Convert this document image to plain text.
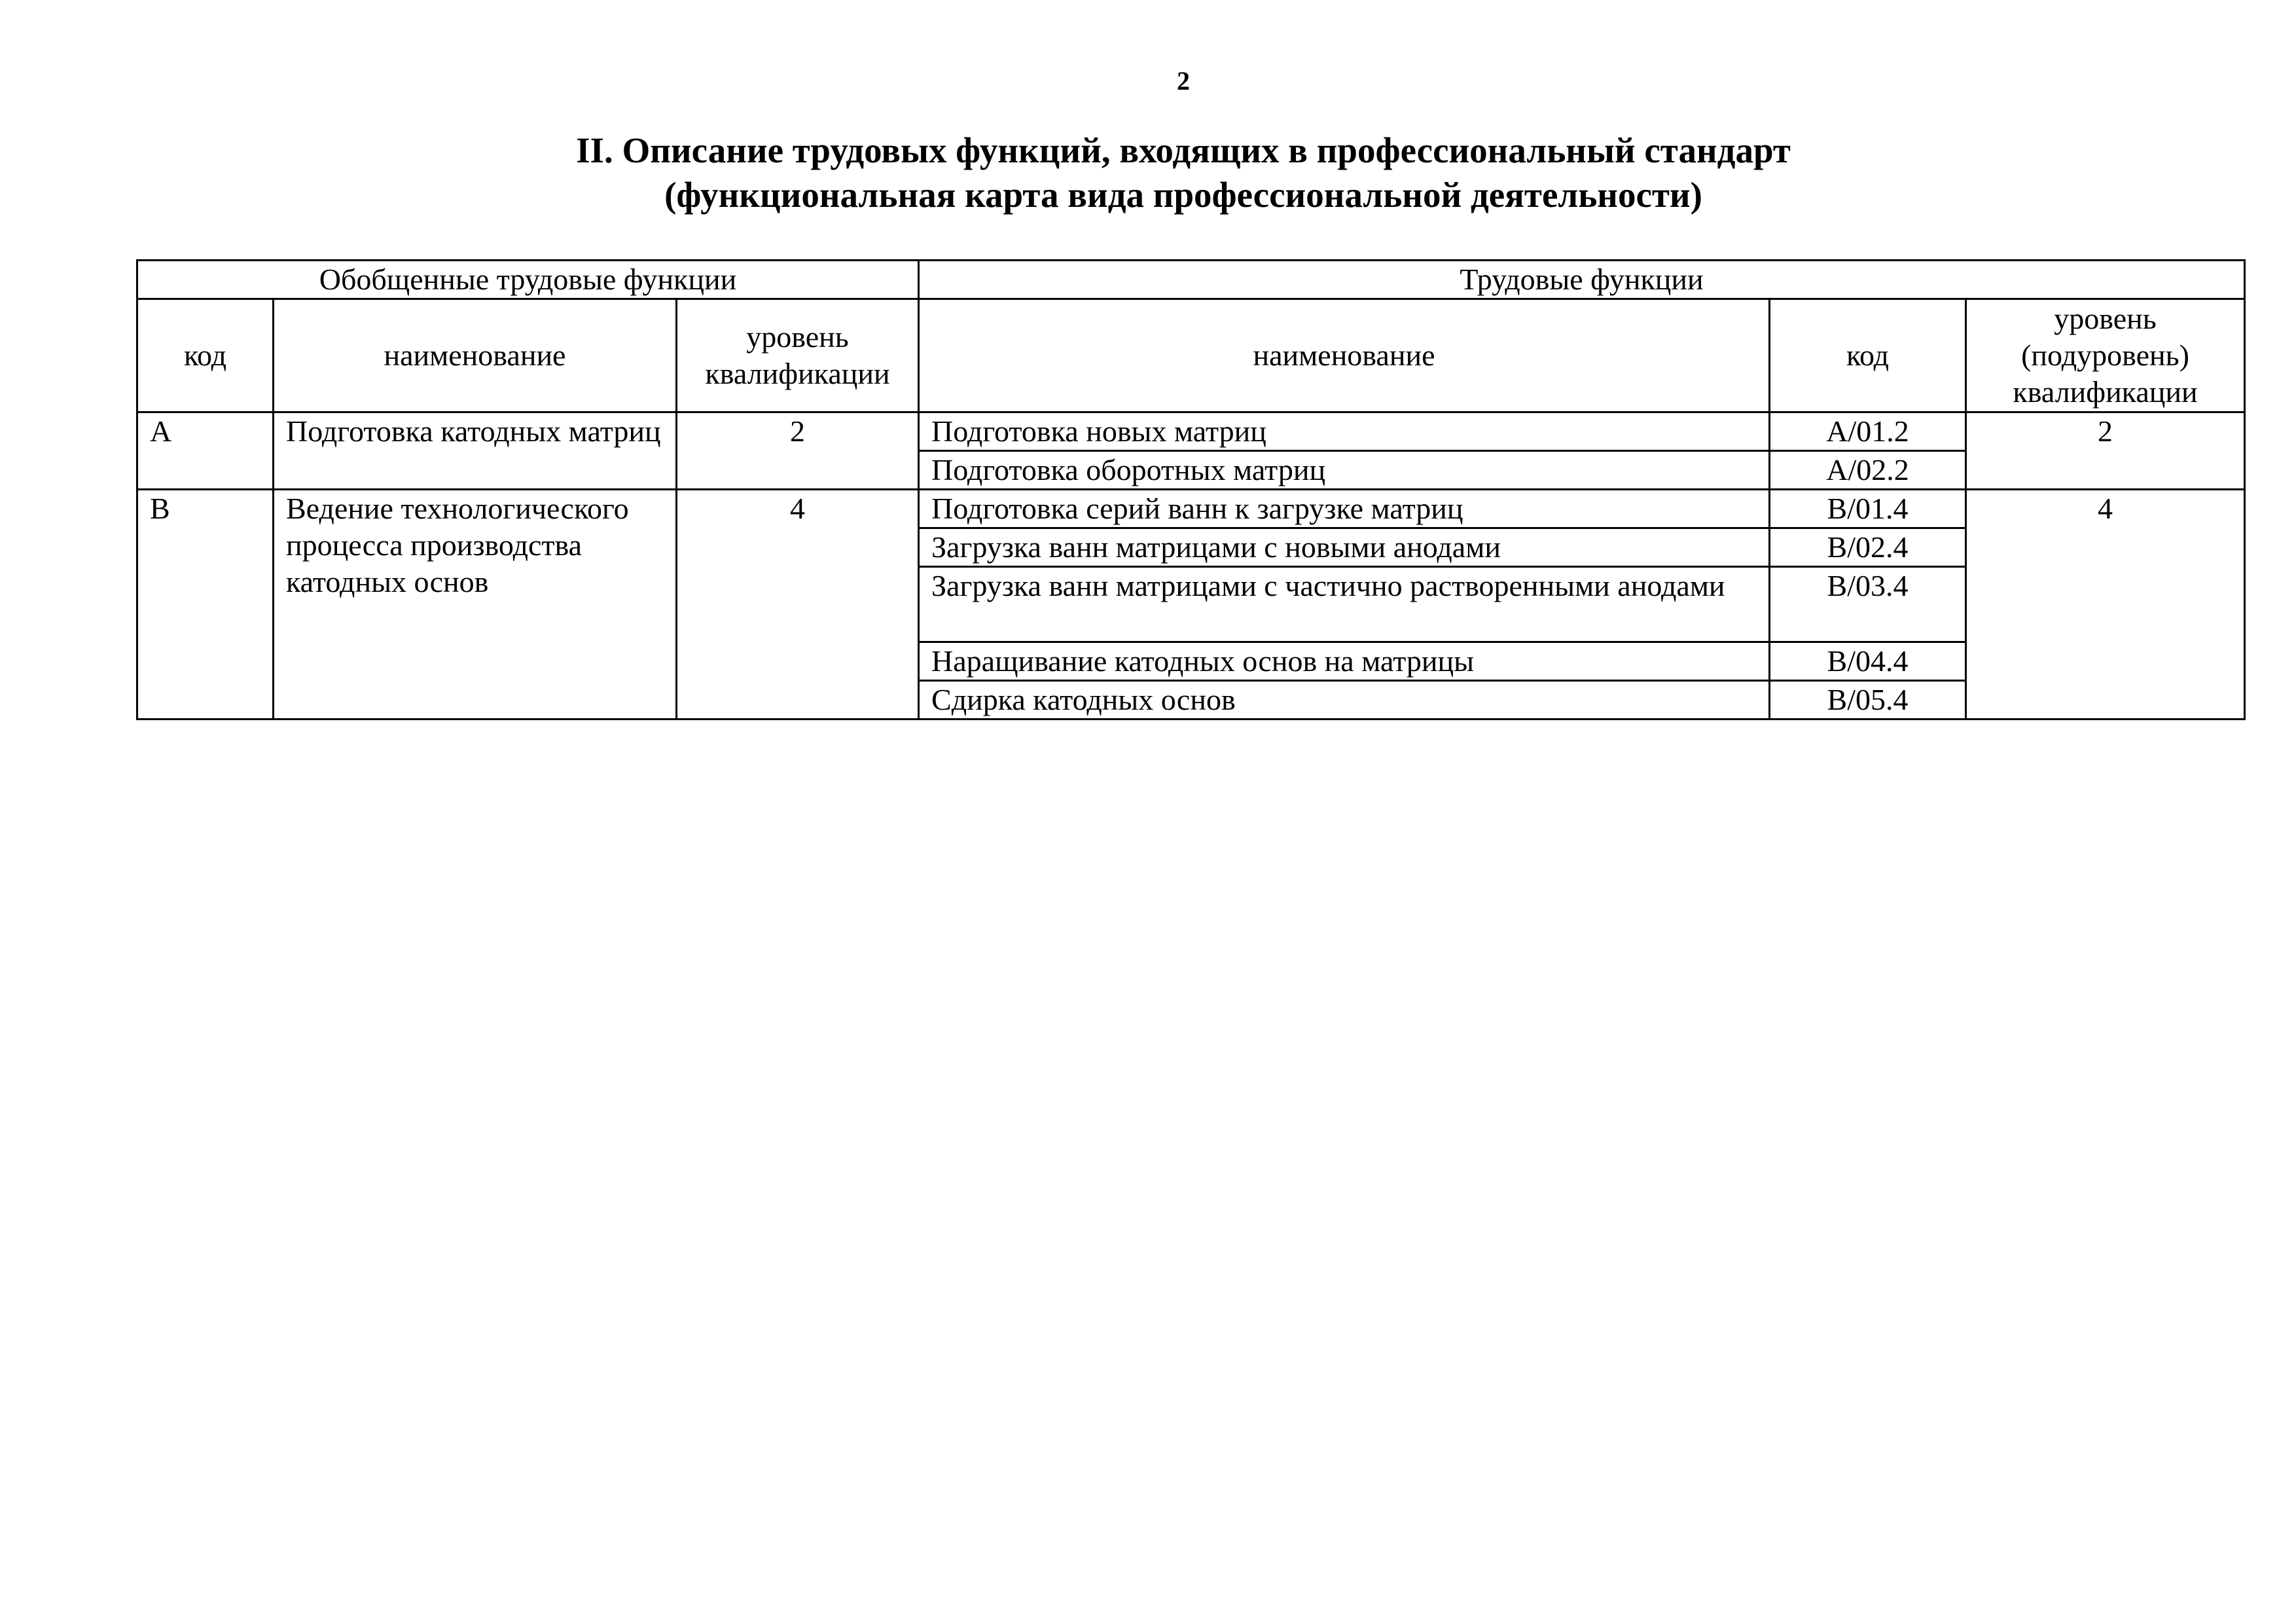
2
II. Описание трудовых функций, входящих в профессиональный стандарт
(функциональная карта вида профессиональной деятельности)
Обобщенные трудовые функции			Трудовые функции		
код	наименование	уровень квалификации	наименование	код	уровень (подуровень) квалификации
A	Подготовка катодных матриц	2	Подготовка новых матриц	A/01.2	2
			Подготовка оборотных матриц	A/02.2	
B	Ведение технологического процесса производства катодных основ	4	Подготовка серий ванн к загрузке матриц	B/01.4	4
			Загрузка ванн матрицами с новыми анодами	B/02.4	
			Загрузка ванн матрицами с частично растворенными анодами	B/03.4	
			Наращивание катодных основ на матрицы	B/04.4	
			Сдирка катодных основ	B/05.4	
